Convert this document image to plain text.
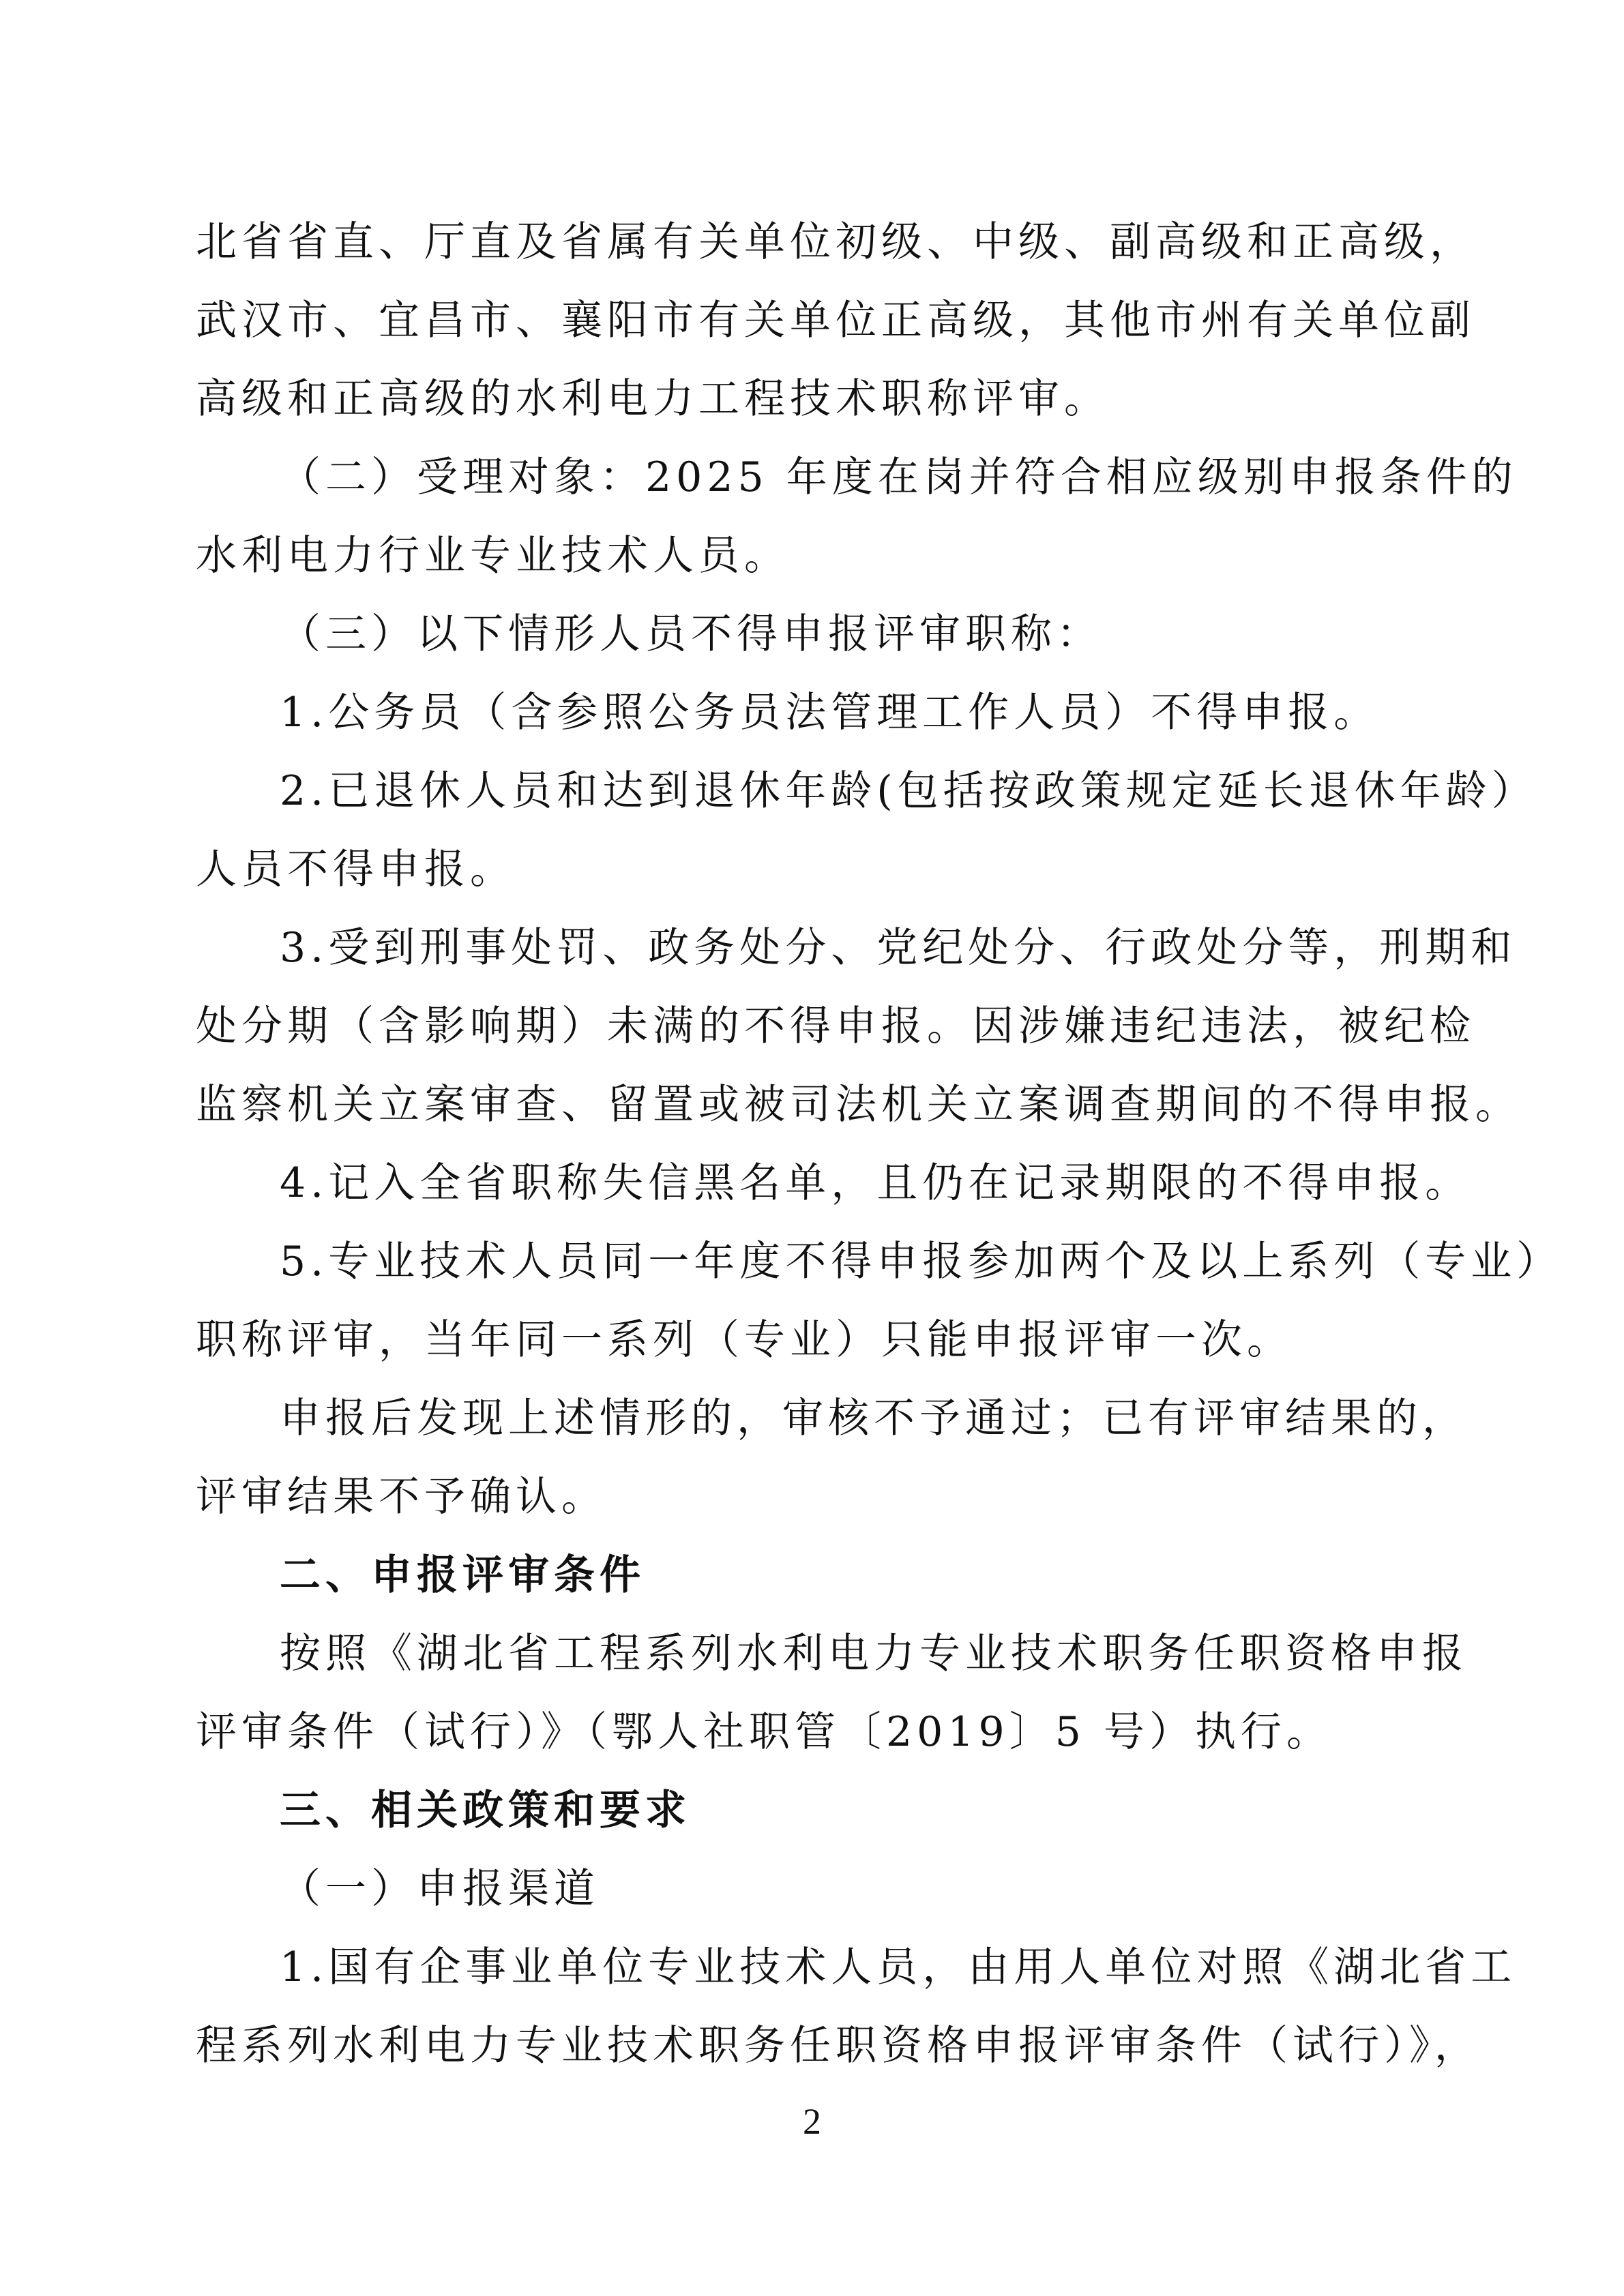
北省省直、厅直及省属有关单位初级、中级、副高级和正高级，
武汉市、宜昌市、襄阳市有关单位正高级，其他市州有关单位副
高级和正高级的水利电力工程技术职称评审。
（二）受理对象：2025 年度在岗并符合相应级别申报条件的
水利电力行业专业技术人员。
（三）以下情形人员不得申报评审职称：
1.公务员（含参照公务员法管理工作人员）不得申报。
2.已退休人员和达到退休年龄(包括按政策规定延长退休年龄）
人员不得申报。
3.受到刑事处罚、政务处分、党纪处分、行政处分等，刑期和
处分期（含影响期）未满的不得申报。因涉嫌违纪违法，被纪检
监察机关立案审查、留置或被司法机关立案调查期间的不得申报。
4.记入全省职称失信黑名单，且仍在记录期限的不得申报。
5.专业技术人员同一年度不得申报参加两个及以上系列（专业）
职称评审，当年同一系列（专业）只能申报评审一次。
申报后发现上述情形的，审核不予通过；已有评审结果的，
评审结果不予确认。
二、申报评审条件
按照《湖北省工程系列水利电力专业技术职务任职资格申报
评审条件（试行）》（鄂人社职管〔2019〕5 号）执行。
三、相关政策和要求
（一）申报渠道
1.国有企事业单位专业技术人员，由用人单位对照《湖北省工
程系列水利电力专业技术职务任职资格申报评审条件（试行）》，
2
